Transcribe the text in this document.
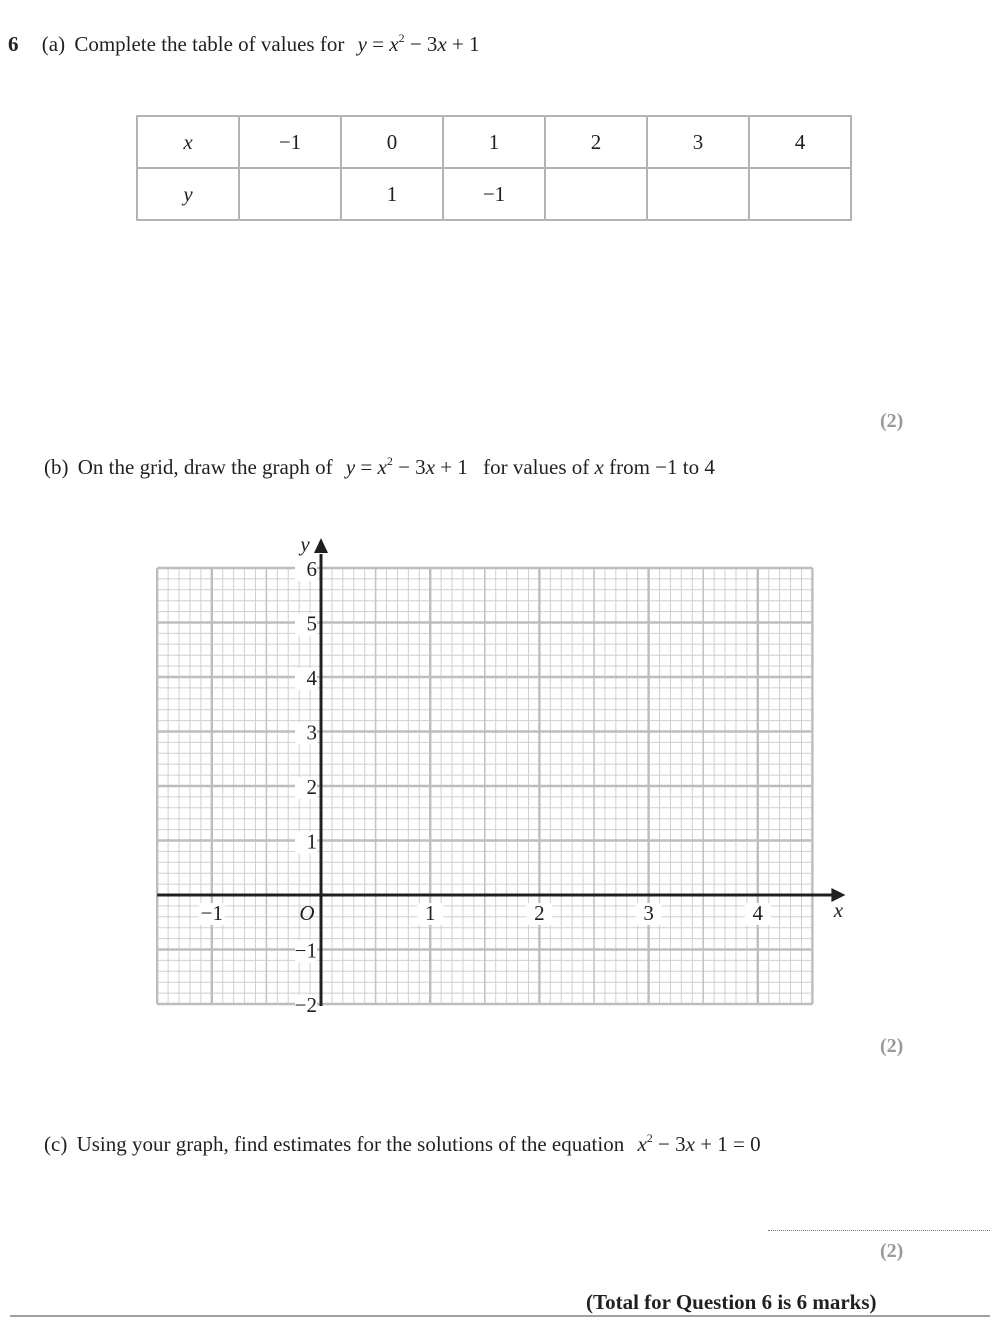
6 (a) Complete the table of values for $y = x^2 - 3x + 1$
x	−1	0	1	2	3	4
y		1	−1			
(2)
(b) On the grid, draw the graph of $y = x^2 - 3x + 1$ for values of x from −1 to 4
−1	1	2	3	4
−2
−1
1
2
3
4
5
6
O	x
y
(2)
(c) Using your graph, find estimates for the solutions of the equation $x^2 - 3x + 1 = 0$
(2)
(Total for Question 6 is 6 marks)
